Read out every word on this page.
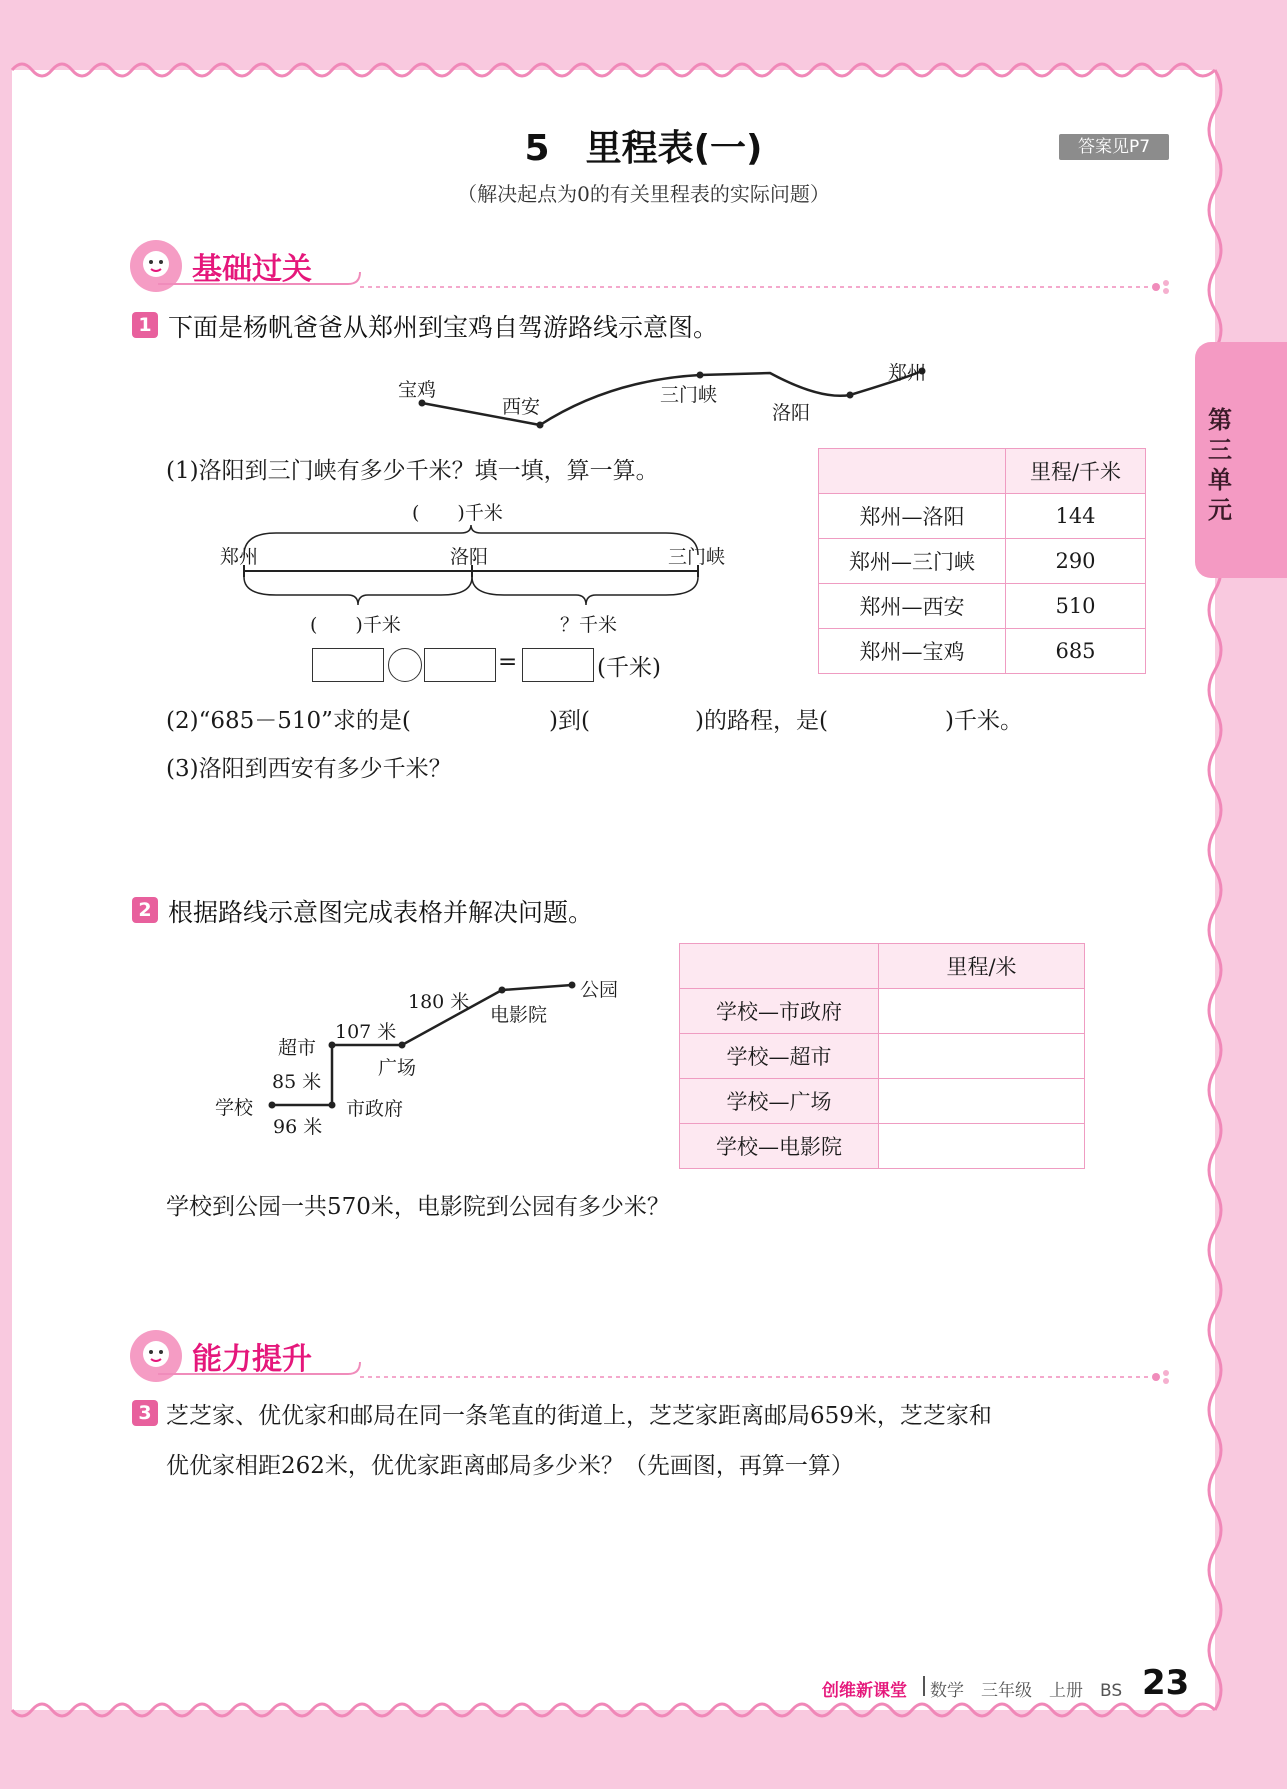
第三单元
5　里程表(一)
（解决起点为0的有关里程表的实际问题）
答案见P7
基础过关
1 下面是杨帆爸爸从郑州到宝鸡自驾游路线示意图。
宝鸡
西安
三门峡
洛阳
郑州
(1)洛阳到三门峡有多少千米？填一填，算一算。
(　　)千米
郑州	洛阳	三门峡
(　　)千米	？千米
=	(千米)
	里程/千米
郑州—洛阳	144
郑州—三门峡	290
郑州—西安	510
郑州—宝鸡	685
(2)“685－510”求的是(	)到(	)的路程，是(	)千米。
(3)洛阳到西安有多少千米？
2 根据路线示意图完成表格并解决问题。
学校
96 米
市政府
85 米
超市
107 米
广场
180 米
电影院
公园
	里程/米
学校—市政府	
学校—超市	
学校—广场	
学校—电影院	
学校到公园一共570米，电影院到公园有多少米？
能力提升
3 芝芝家、优优家和邮局在同一条笔直的街道上，芝芝家距离邮局659米，芝芝家和
优优家相距262米，优优家距离邮局多少米？（先画图，再算一算）
创维新课堂 数学　三年级　上册　BS 23
